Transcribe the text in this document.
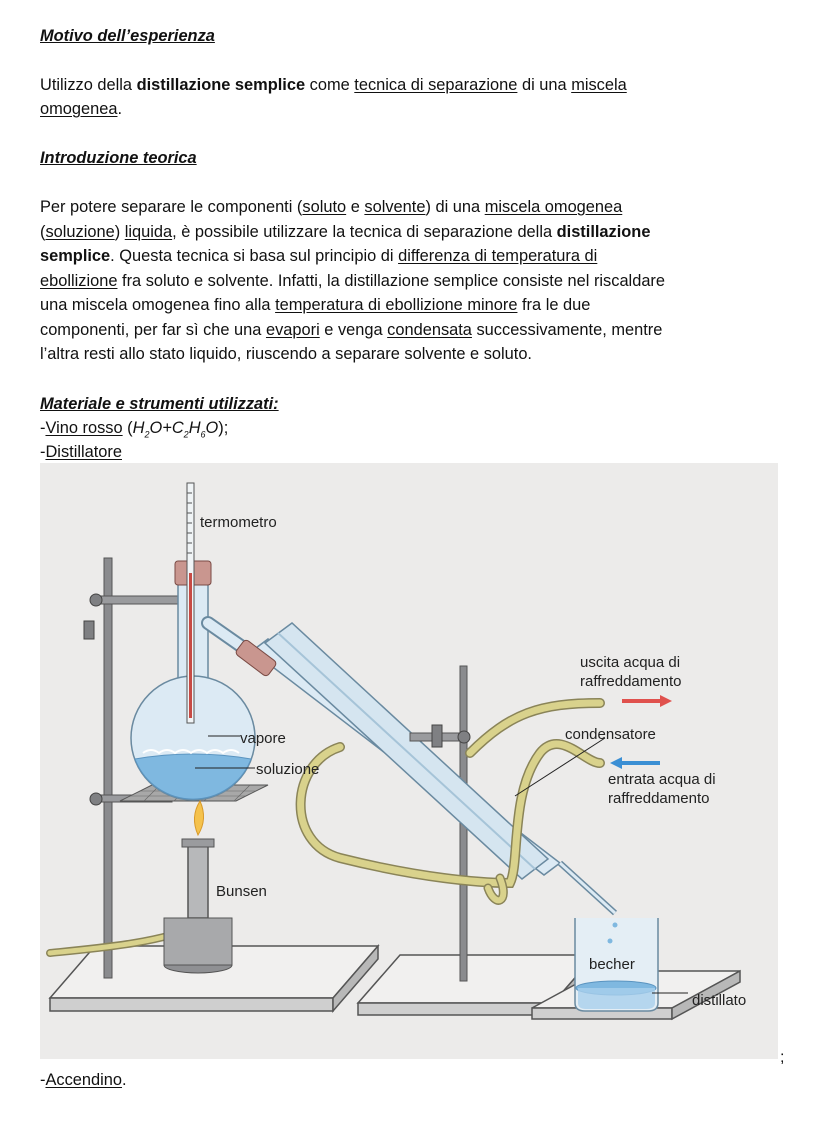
Motivo dell’esperienza
Utilizzo della distillazione semplice come tecnica di separazione di una miscela
omogenea.
Introduzione teorica
Per potere separare le componenti (soluto e solvente) di una miscela omogenea
(soluzione) liquida, è possibile utilizzare la tecnica di separazione della distillazione
semplice. Questa tecnica si basa sul principio di differenza di temperatura di
ebollizione fra soluto e solvente. Infatti, la distillazione semplice consiste nel riscaldare
una miscela omogenea fino alla temperatura di ebollizione minore fra le due
componenti, per far sì che una evapori e venga condensata successivamente, mentre
l’altra resti allo stato liquido, riuscendo a separare solvente e soluto.
Materiale e strumenti utilizzati:
-Vino rosso $(H_2O+C_2H_6O)$;
-Distillatore
-Accendino.
;
termometro
vapore
soluzione
Bunsen
uscita acqua di
raffreddamento
condensatore
entrata acqua di
raffreddamento
becher
distillato
